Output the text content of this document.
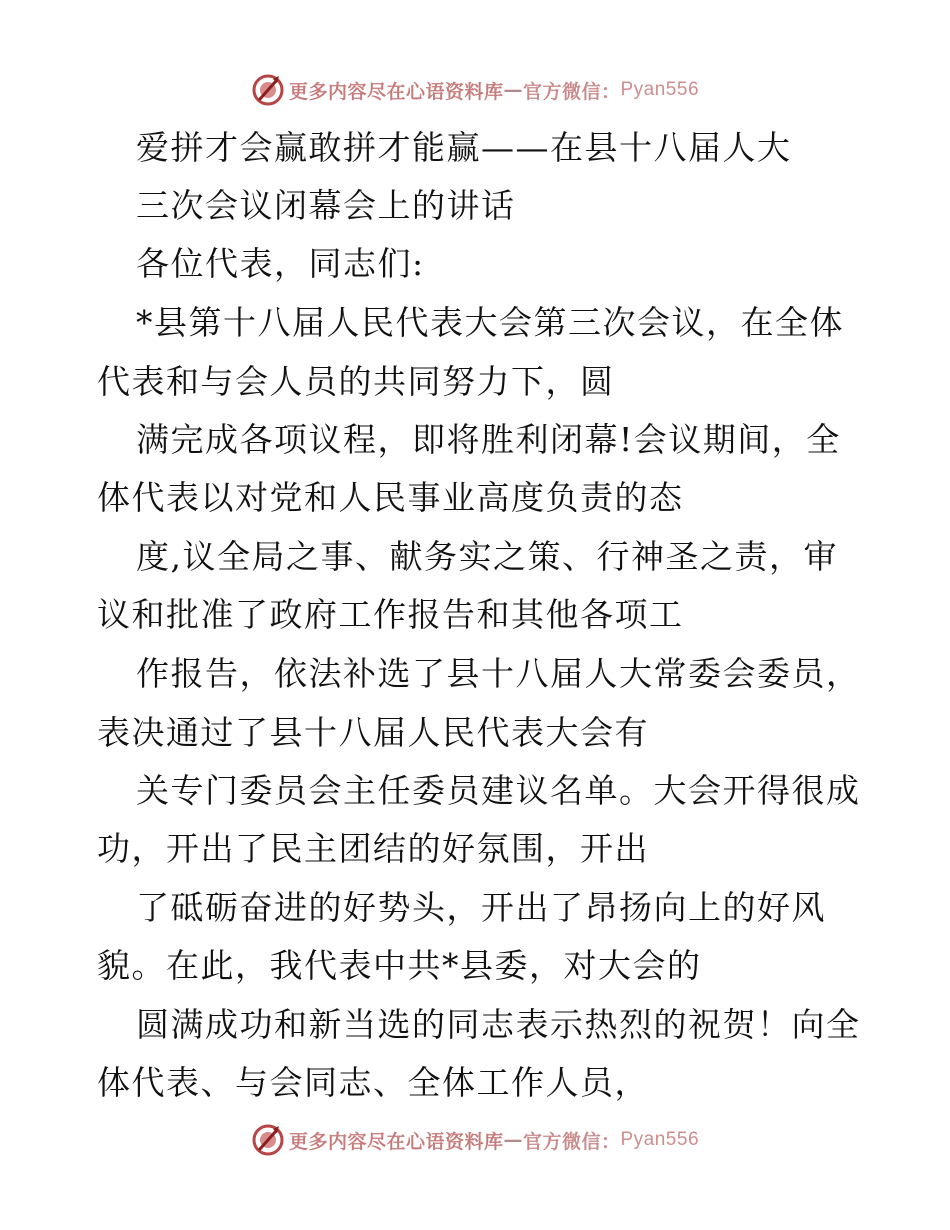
更多内容尽在心语资料库 — 官方微信： Pyan556
爱拼才会赢敢拼才能赢——在县十八届人大
三次会议闭幕会上的讲话
各位代表，同志们:
*县第十八届人民代表大会第三次会议，在全体
代表和与会人员的共同努力下，圆
满完成各项议程，即将胜利闭幕!会议期间，全
体代表以对党和人民事业高度负责的态
度,议全局之事、献务实之策、行神圣之责，审
议和批准了政府工作报告和其他各项工
作报告，依法补选了县十八届人大常委会委员，
表决通过了县十八届人民代表大会有
关专门委员会主任委员建议名单。大会开得很成
功，开出了民主团结的好氛围，开出
了砥砺奋进的好势头，开出了昂扬向上的好风
貌。在此，我代表中共*县委，对大会的
圆满成功和新当选的同志表示热烈的祝贺！向全
体代表、与会同志、全体工作人员，
更多内容尽在心语资料库 — 官方微信： Pyan556
